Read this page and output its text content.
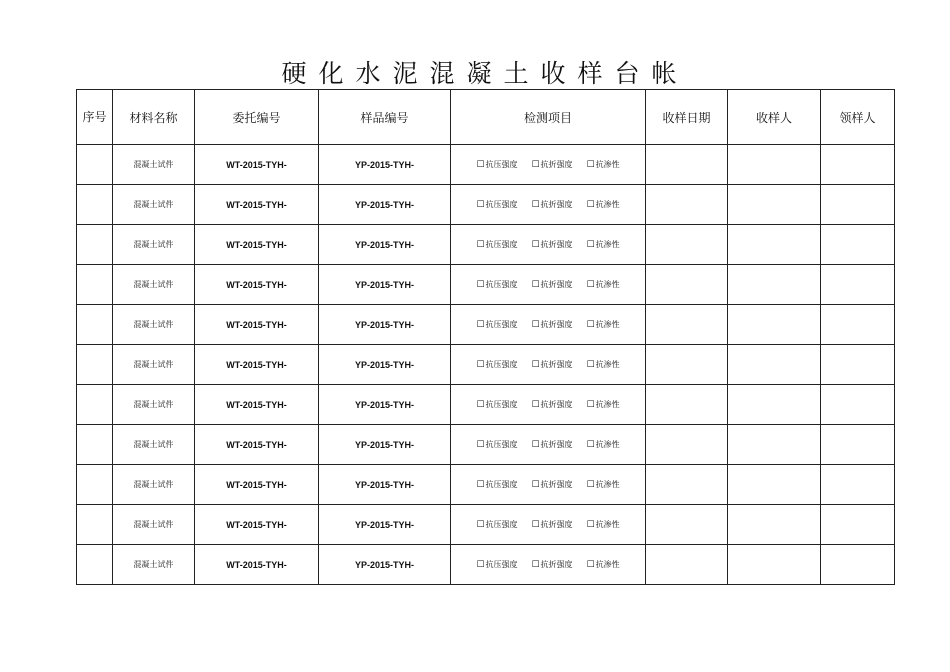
硬化水泥混凝土收样台帐
序号	材料名称	委托编号	样品编号	检测项目	收样日期	收样人	领样人
	混凝土试件	WT-2015-TYH-	YP-2015-TYH-	☐抗压强度 ☐抗折强度 ☐抗渗性			
	混凝土试件	WT-2015-TYH-	YP-2015-TYH-	☐抗压强度 ☐抗折强度 ☐抗渗性			
	混凝土试件	WT-2015-TYH-	YP-2015-TYH-	☐抗压强度 ☐抗折强度 ☐抗渗性			
	混凝土试件	WT-2015-TYH-	YP-2015-TYH-	☐抗压强度 ☐抗折强度 ☐抗渗性			
	混凝土试件	WT-2015-TYH-	YP-2015-TYH-	☐抗压强度 ☐抗折强度 ☐抗渗性			
	混凝土试件	WT-2015-TYH-	YP-2015-TYH-	☐抗压强度 ☐抗折强度 ☐抗渗性			
	混凝土试件	WT-2015-TYH-	YP-2015-TYH-	☐抗压强度 ☐抗折强度 ☐抗渗性			
	混凝土试件	WT-2015-TYH-	YP-2015-TYH-	☐抗压强度 ☐抗折强度 ☐抗渗性			
	混凝土试件	WT-2015-TYH-	YP-2015-TYH-	☐抗压强度 ☐抗折强度 ☐抗渗性			
	混凝土试件	WT-2015-TYH-	YP-2015-TYH-	☐抗压强度 ☐抗折强度 ☐抗渗性			
	混凝土试件	WT-2015-TYH-	YP-2015-TYH-	☐抗压强度 ☐抗折强度 ☐抗渗性			
